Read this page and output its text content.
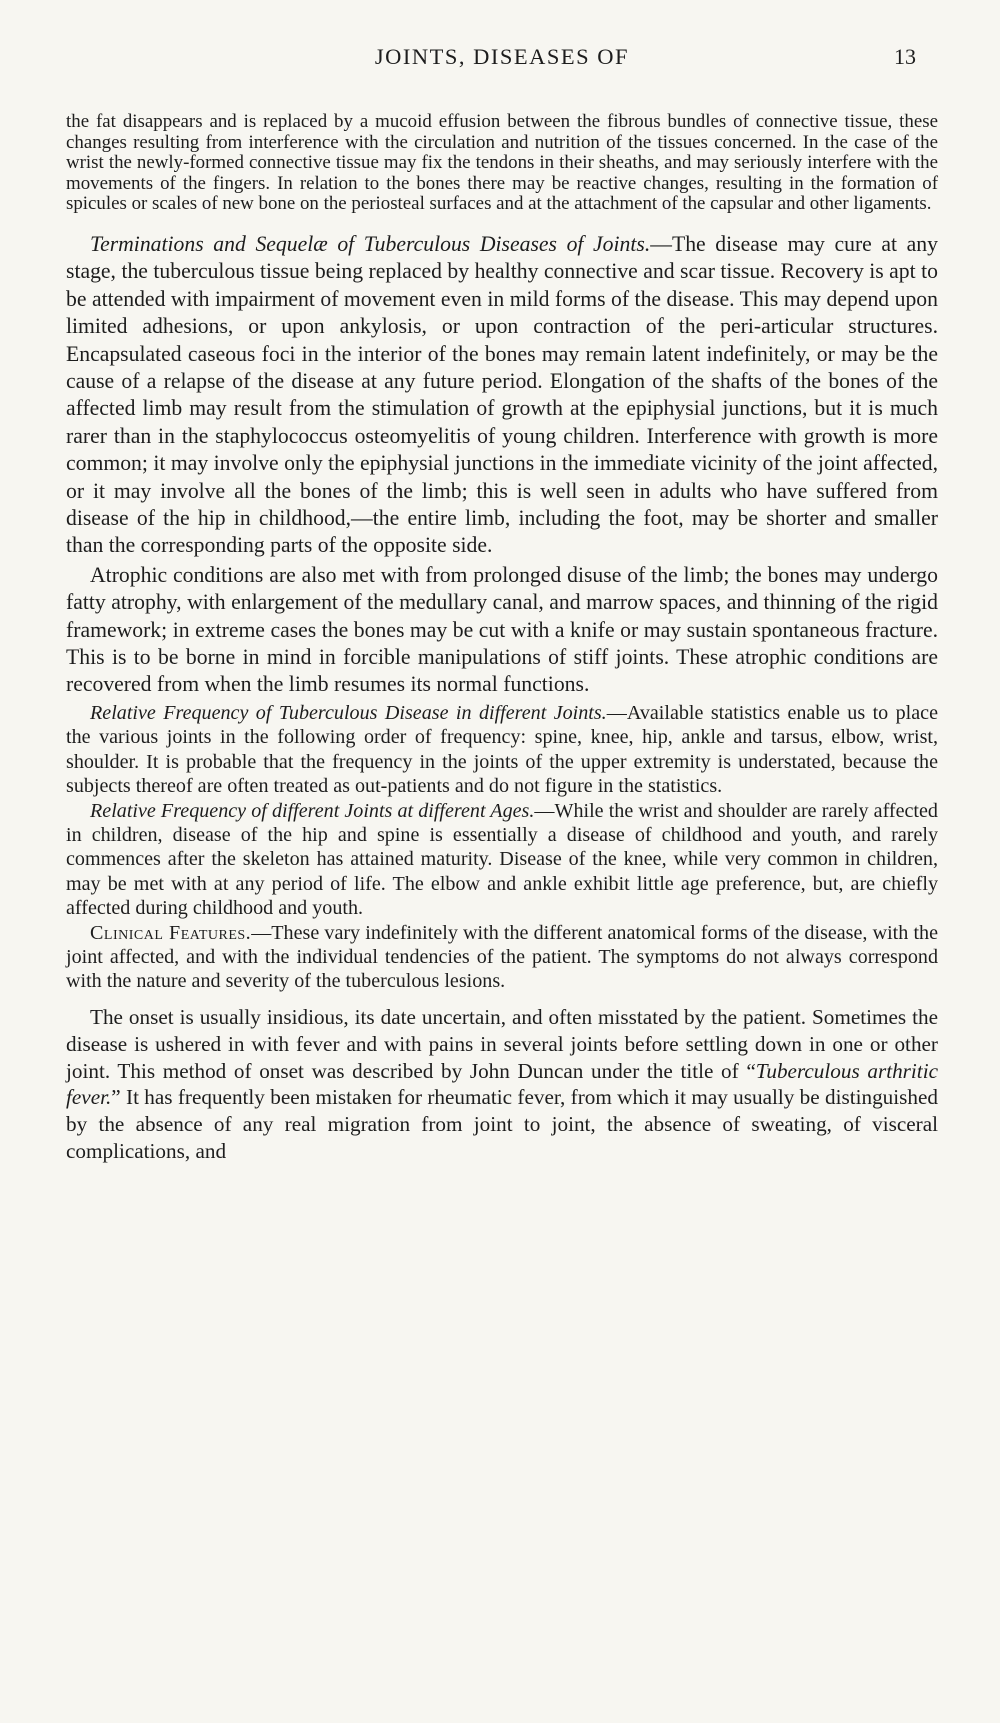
JOINTS, DISEASES OF	13

the fat disappears and is replaced by a mucoid effusion between the fibrous bundles of connective tissue, these changes resulting from interference with the circulation and nutrition of the tissues concerned. In the case of the wrist the newly-formed connective tissue may fix the tendons in their sheaths, and may seriously interfere with the movements of the fingers. In relation to the bones there may be reactive changes, resulting in the formation of spicules or scales of new bone on the periosteal surfaces and at the attachment of the capsular and other ligaments.

Terminations and Sequelæ of Tuberculous Diseases of Joints.—The disease may cure at any stage, the tuberculous tissue being replaced by healthy connective and scar tissue. Recovery is apt to be attended with impairment of movement even in mild forms of the disease. This may depend upon limited adhesions, or upon ankylosis, or upon contraction of the peri-articular structures. Encapsulated caseous foci in the interior of the bones may remain latent indefinitely, or may be the cause of a relapse of the disease at any future period. Elongation of the shafts of the bones of the affected limb may result from the stimulation of growth at the epiphysial junctions, but it is much rarer than in the staphylococcus osteomyelitis of young children. Interference with growth is more common; it may involve only the epiphysial junctions in the immediate vicinity of the joint affected, or it may involve all the bones of the limb; this is well seen in adults who have suffered from disease of the hip in childhood,—the entire limb, including the foot, may be shorter and smaller than the corresponding parts of the opposite side.

Atrophic conditions are also met with from prolonged disuse of the limb; the bones may undergo fatty atrophy, with enlargement of the medullary canal, and marrow spaces, and thinning of the rigid framework; in extreme cases the bones may be cut with a knife or may sustain spontaneous fracture. This is to be borne in mind in forcible manipulations of stiff joints. These atrophic conditions are recovered from when the limb resumes its normal functions.

Relative Frequency of Tuberculous Disease in different Joints.—Available statistics enable us to place the various joints in the following order of frequency: spine, knee, hip, ankle and tarsus, elbow, wrist, shoulder. It is probable that the frequency in the joints of the upper extremity is understated, because the subjects thereof are often treated as out-patients and do not figure in the statistics.

Relative Frequency of different Joints at different Ages.—While the wrist and shoulder are rarely affected in children, disease of the hip and spine is essentially a disease of childhood and youth, and rarely commences after the skeleton has attained maturity. Disease of the knee, while very common in children, may be met with at any period of life. The elbow and ankle exhibit little age preference, but, are chiefly affected during childhood and youth.

Clinical Features.—These vary indefinitely with the different anatomical forms of the disease, with the joint affected, and with the individual tendencies of the patient. The symptoms do not always correspond with the nature and severity of the tuberculous lesions.

The onset is usually insidious, its date uncertain, and often misstated by the patient. Sometimes the disease is ushered in with fever and with pains in several joints before settling down in one or other joint. This method of onset was described by John Duncan under the title of “Tuberculous arthritic fever.” It has frequently been mistaken for rheumatic fever, from which it may usually be distinguished by the absence of any real migration from joint to joint, the absence of sweating, of visceral complications, and
